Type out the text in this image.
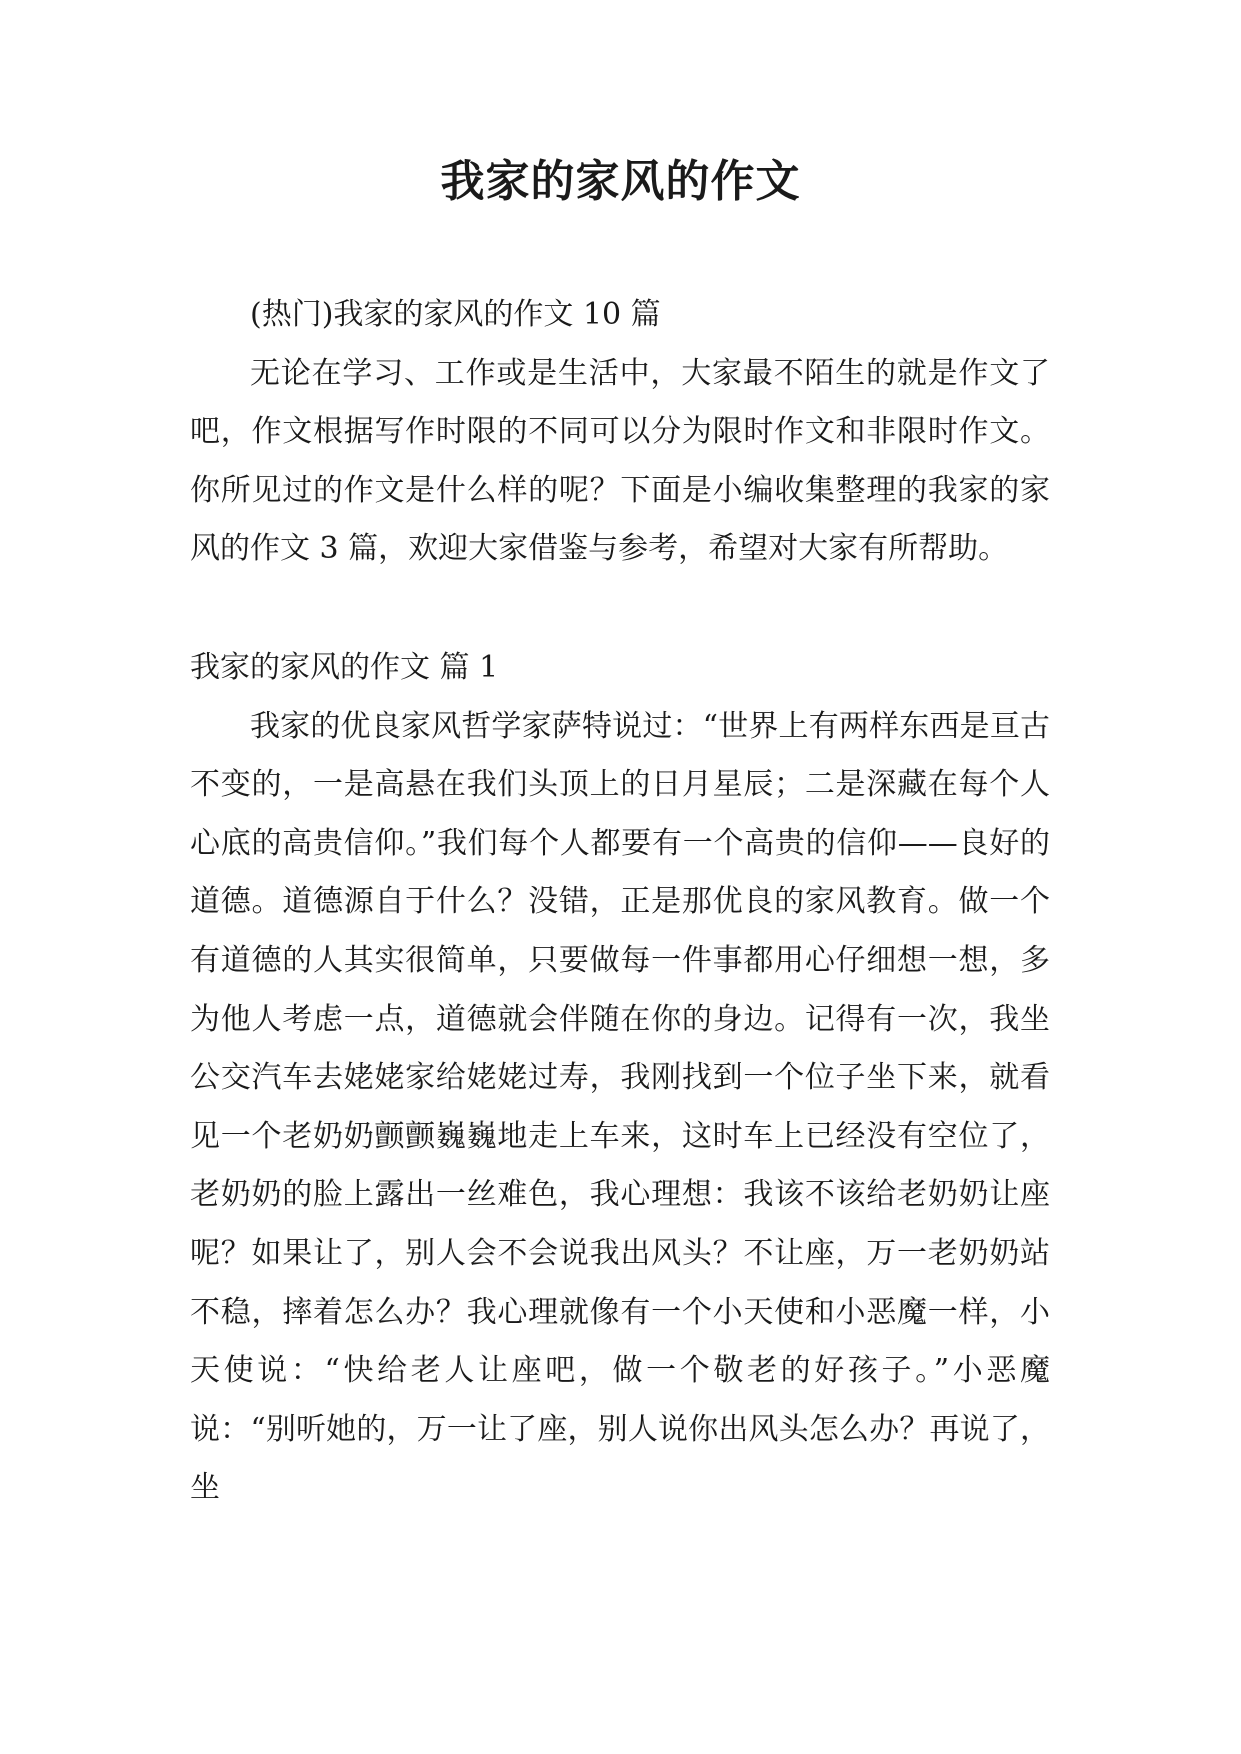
我家的家风的作文

(热门)我家的家风的作文 10 篇

无论在学习、工作或是生活中，大家最不陌生的就是作文了吧，作文根据写作时限的不同可以分为限时作文和非限时作文。你所见过的作文是什么样的呢？下面是小编收集整理的我家的家风的作文 3 篇，欢迎大家借鉴与参考，希望对大家有所帮助。

我家的家风的作文 篇 1

我家的优良家风哲学家萨特说过：“世界上有两样东西是亘古不变的，一是高悬在我们头顶上的日月星辰；二是深藏在每个人心底的高贵信仰。”我们每个人都要有一个高贵的信仰——良好的道德。道德源自于什么？没错，正是那优良的家风教育。做一个有道德的人其实很简单，只要做每一件事都用心仔细想一想，多为他人考虑一点，道德就会伴随在你的身边。记得有一次，我坐公交汽车去姥姥家给姥姥过寿，我刚找到一个位子坐下来，就看见一个老奶奶颤颤巍巍地走上车来，这时车上已经没有空位了，老奶奶的脸上露出一丝难色，我心理想：我该不该给老奶奶让座呢？如果让了，别人会不会说我出风头？不让座，万一老奶奶站不稳，摔着怎么办？我心理就像有一个小天使和小恶魔一样，小天使说：“快给老人让座吧，做一个敬老的好孩子。”小恶魔说：“别听她的，万一让了座，别人说你出风头怎么办？再说了，坐
